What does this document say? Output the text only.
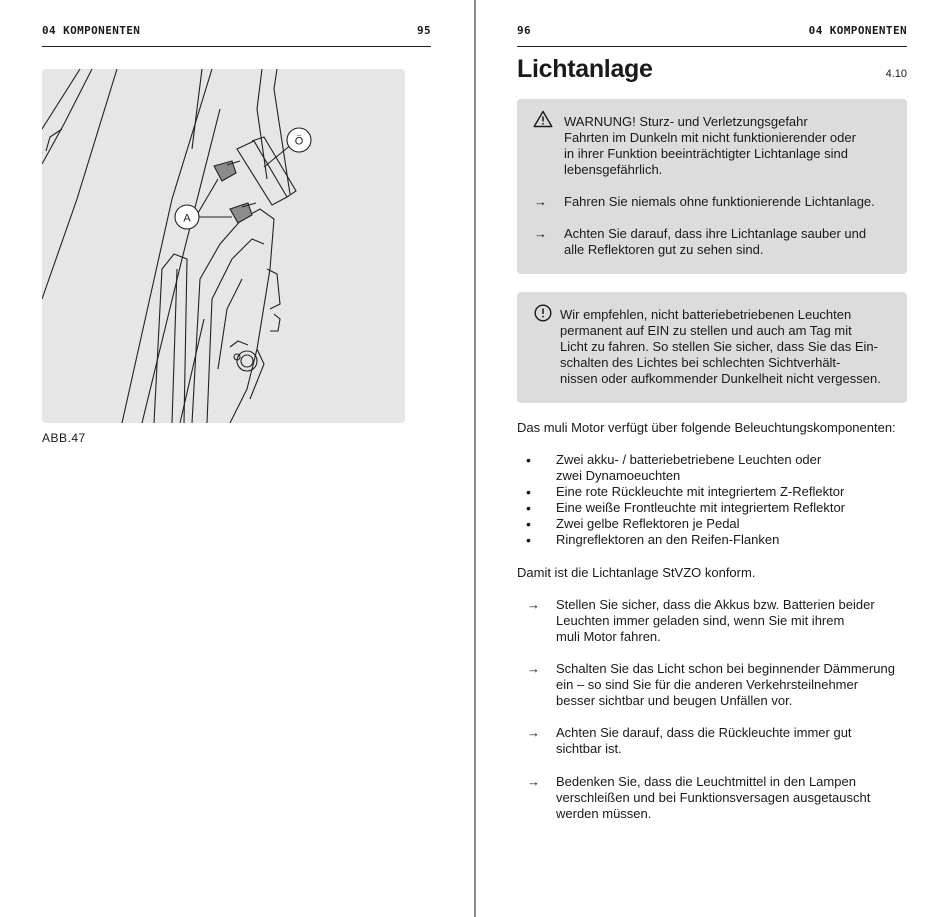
04 KOMPONENTEN	95
A
Ö
ABB.47
96	04 KOMPONENTEN
Lichtanlage	4.10
WARNUNG! Sturz- und Verletzungsgefahr
Fahrten im Dunkeln mit nicht funktionierender oder
in ihrer Funktion beeinträchtigter Lichtanlage sind
lebensgefährlich.
→ Fahren Sie niemals ohne funktionierende Lichtanlage.
→ Achten Sie darauf, dass ihre Lichtanlage sauber und
alle Reflektoren gut zu sehen sind.
Wir empfehlen, nicht batteriebetriebenen Leuchten
permanent auf EIN zu stellen und auch am Tag mit
Licht zu fahren. So stellen Sie sicher, dass Sie das Ein-
schalten des Lichtes bei schlechten Sichtverhält-
nissen oder aufkommender Dunkelheit nicht vergessen.
Das muli Motor verfügt über folgende Beleuchtungskomponenten:
• Zwei akku- / batteriebetriebene Leuchten oder
zwei Dynamoeuchten
• Eine rote Rückleuchte mit integriertem Z-Reflektor
• Eine weiße Frontleuchte mit integriertem Reflektor
• Zwei gelbe Reflektoren je Pedal
• Ringreflektoren an den Reifen-Flanken
Damit ist die Lichtanlage StVZO konform.
→ Stellen Sie sicher, dass die Akkus bzw. Batterien beider
Leuchten immer geladen sind, wenn Sie mit ihrem
muli Motor fahren.
→ Schalten Sie das Licht schon bei beginnender Dämmerung
ein – so sind Sie für die anderen Verkehrsteilnehmer
besser sichtbar und beugen Unfällen vor.
→ Achten Sie darauf, dass die Rückleuchte immer gut
sichtbar ist.
→ Bedenken Sie, dass die Leuchtmittel in den Lampen
verschleißen und bei Funktionsversagen ausgetauscht
werden müssen.
